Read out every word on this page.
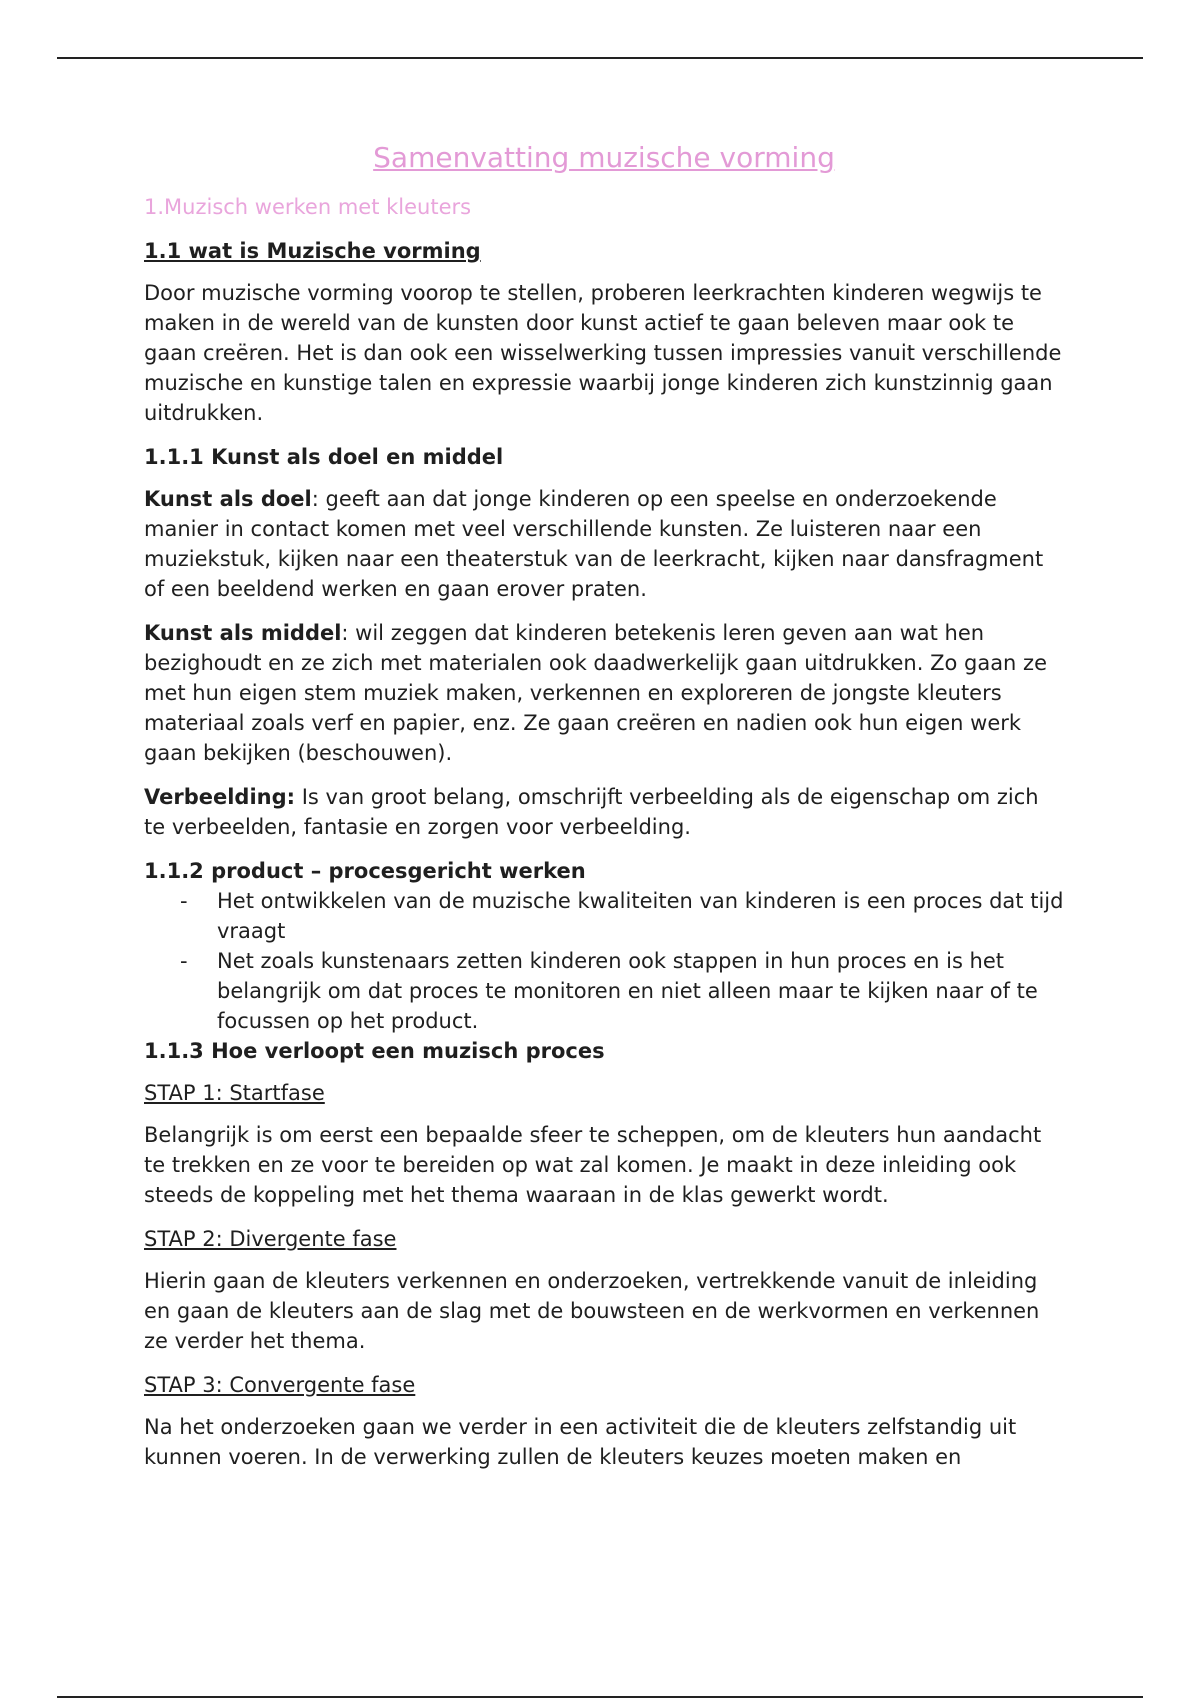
Samenvatting muzische vorming
1.Muzisch werken met kleuters
1.1 wat is Muzische vorming
Door muzische vorming voorop te stellen, proberen leerkrachten kinderen wegwijs te maken in de wereld van de kunsten door kunst actief te gaan beleven maar ook te gaan creëren. Het is dan ook een wisselwerking tussen impressies vanuit verschillende muzische en kunstige talen en expressie waarbij jonge kinderen zich kunstzinnig gaan uitdrukken.
1.1.1 Kunst als doel en middel
Kunst als doel: geeft aan dat jonge kinderen op een speelse en onderzoekende manier in contact komen met veel verschillende kunsten. Ze luisteren naar een muziekstuk, kijken naar een theaterstuk van de leerkracht, kijken naar dansfragment of een beeldend werken en gaan erover praten.
Kunst als middel: wil zeggen dat kinderen betekenis leren geven aan wat hen bezighoudt en ze zich met materialen ook daadwerkelijk gaan uitdrukken. Zo gaan ze met hun eigen stem muziek maken, verkennen en exploreren de jongste kleuters materiaal zoals verf en papier, enz. Ze gaan creëren en nadien ook hun eigen werk gaan bekijken (beschouwen).
Verbeelding: Is van groot belang, omschrijft verbeelding als de eigenschap om zich te verbeelden, fantasie en zorgen voor verbeelding.
1.1.2 product – procesgericht werken
- Het ontwikkelen van de muzische kwaliteiten van kinderen is een proces dat tijd vraagt
- Net zoals kunstenaars zetten kinderen ook stappen in hun proces en is het belangrijk om dat proces te monitoren en niet alleen maar te kijken naar of te focussen op het product.
1.1.3 Hoe verloopt een muzisch proces
STAP 1: Startfase
Belangrijk is om eerst een bepaalde sfeer te scheppen, om de kleuters hun aandacht te trekken en ze voor te bereiden op wat zal komen. Je maakt in deze inleiding ook steeds de koppeling met het thema waaraan in de klas gewerkt wordt.
STAP 2: Divergente fase
Hierin gaan de kleuters verkennen en onderzoeken, vertrekkende vanuit de inleiding en gaan de kleuters aan de slag met de bouwsteen en de werkvormen en verkennen ze verder het thema.
STAP 3: Convergente fase
Na het onderzoeken gaan we verder in een activiteit die de kleuters zelfstandig uit kunnen voeren. In de verwerking zullen de kleuters keuzes moeten maken en
